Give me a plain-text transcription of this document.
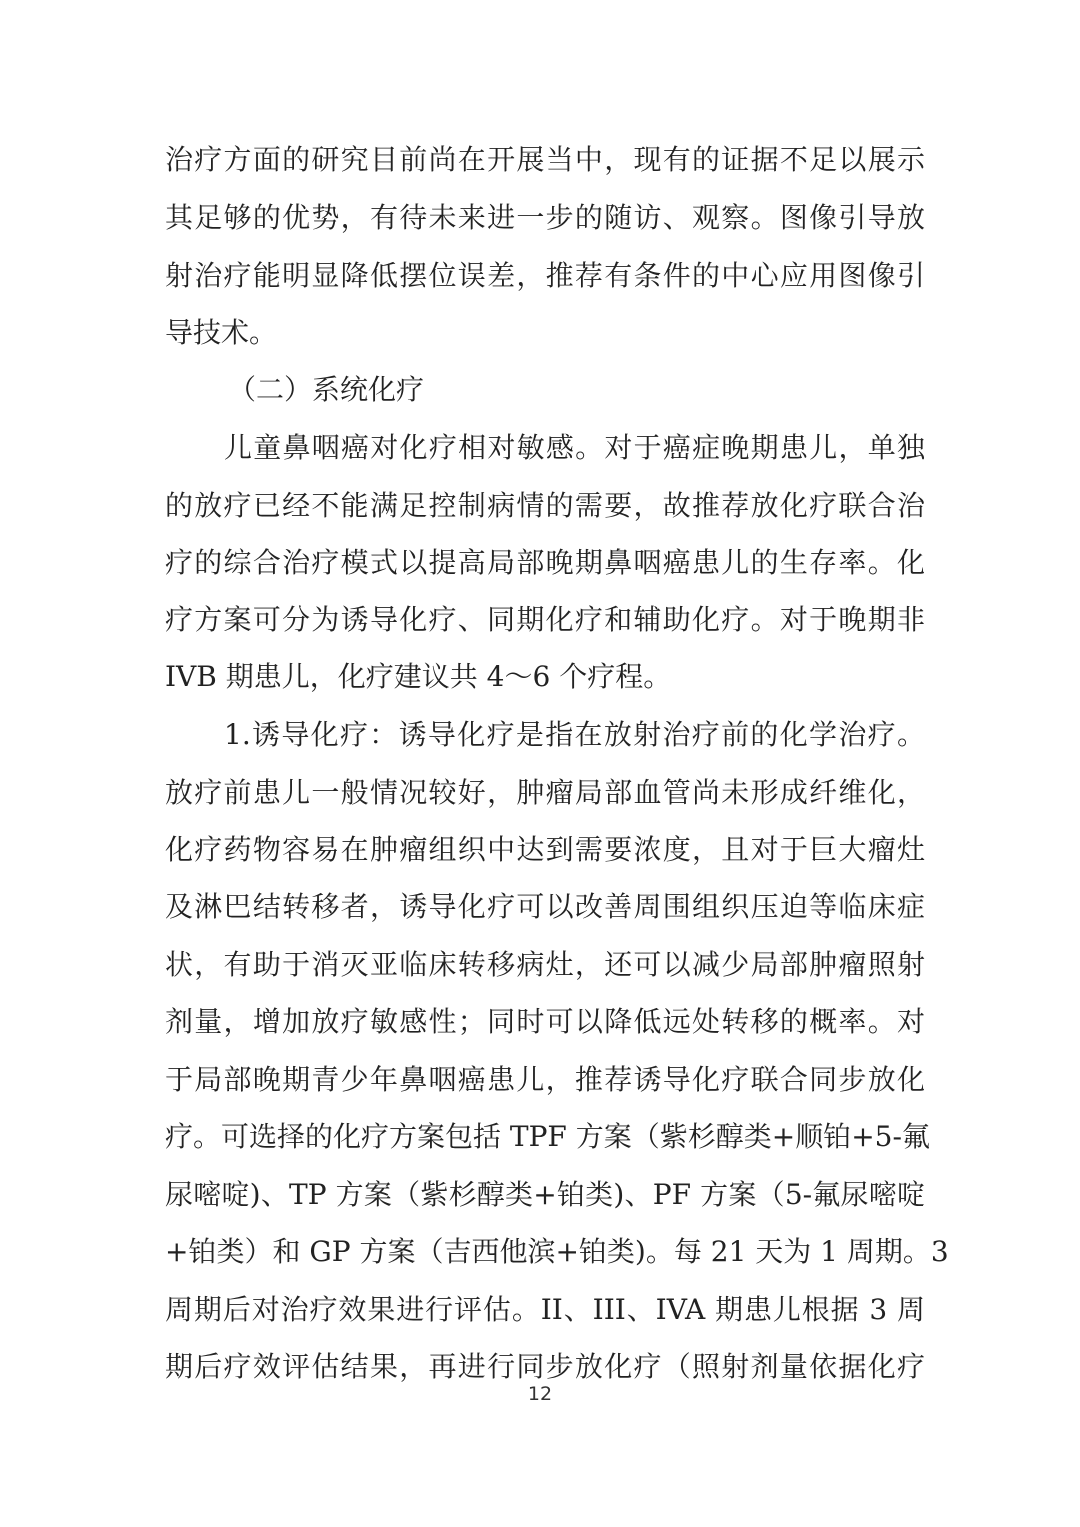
治疗方面的研究目前尚在开展当中，现有的证据不足以展示
其足够的优势，有待未来进一步的随访、观察。图像引导放
射治疗能明显降低摆位误差，推荐有条件的中心应用图像引
导技术。
（二）系统化疗
儿童鼻咽癌对化疗相对敏感。对于癌症晚期患儿，单独
的放疗已经不能满足控制病情的需要，故推荐放化疗联合治
疗的综合治疗模式以提高局部晚期鼻咽癌患儿的生存率。化
疗方案可分为诱导化疗、同期化疗和辅助化疗。对于晚期非
IVB 期患儿，化疗建议共 4～6 个疗程。
1.诱导化疗：诱导化疗是指在放射治疗前的化学治疗。
放疗前患儿一般情况较好，肿瘤局部血管尚未形成纤维化，
化疗药物容易在肿瘤组织中达到需要浓度，且对于巨大瘤灶
及淋巴结转移者，诱导化疗可以改善周围组织压迫等临床症
状，有助于消灭亚临床转移病灶，还可以减少局部肿瘤照射
剂量，增加放疗敏感性；同时可以降低远处转移的概率。对
于局部晚期青少年鼻咽癌患儿，推荐诱导化疗联合同步放化
疗。可选择的化疗方案包括 TPF 方案（紫杉醇类+顺铂+5-氟
尿嘧啶)、TP 方案（紫杉醇类+铂类)、PF 方案（5-氟尿嘧啶
+铂类）和 GP 方案（吉西他滨+铂类)。每 21 天为 1 周期。3
周期后对治疗效果进行评估。II、III、IVA 期患儿根据 3 周
期后疗效评估结果，再进行同步放化疗（照射剂量依据化疗
12
